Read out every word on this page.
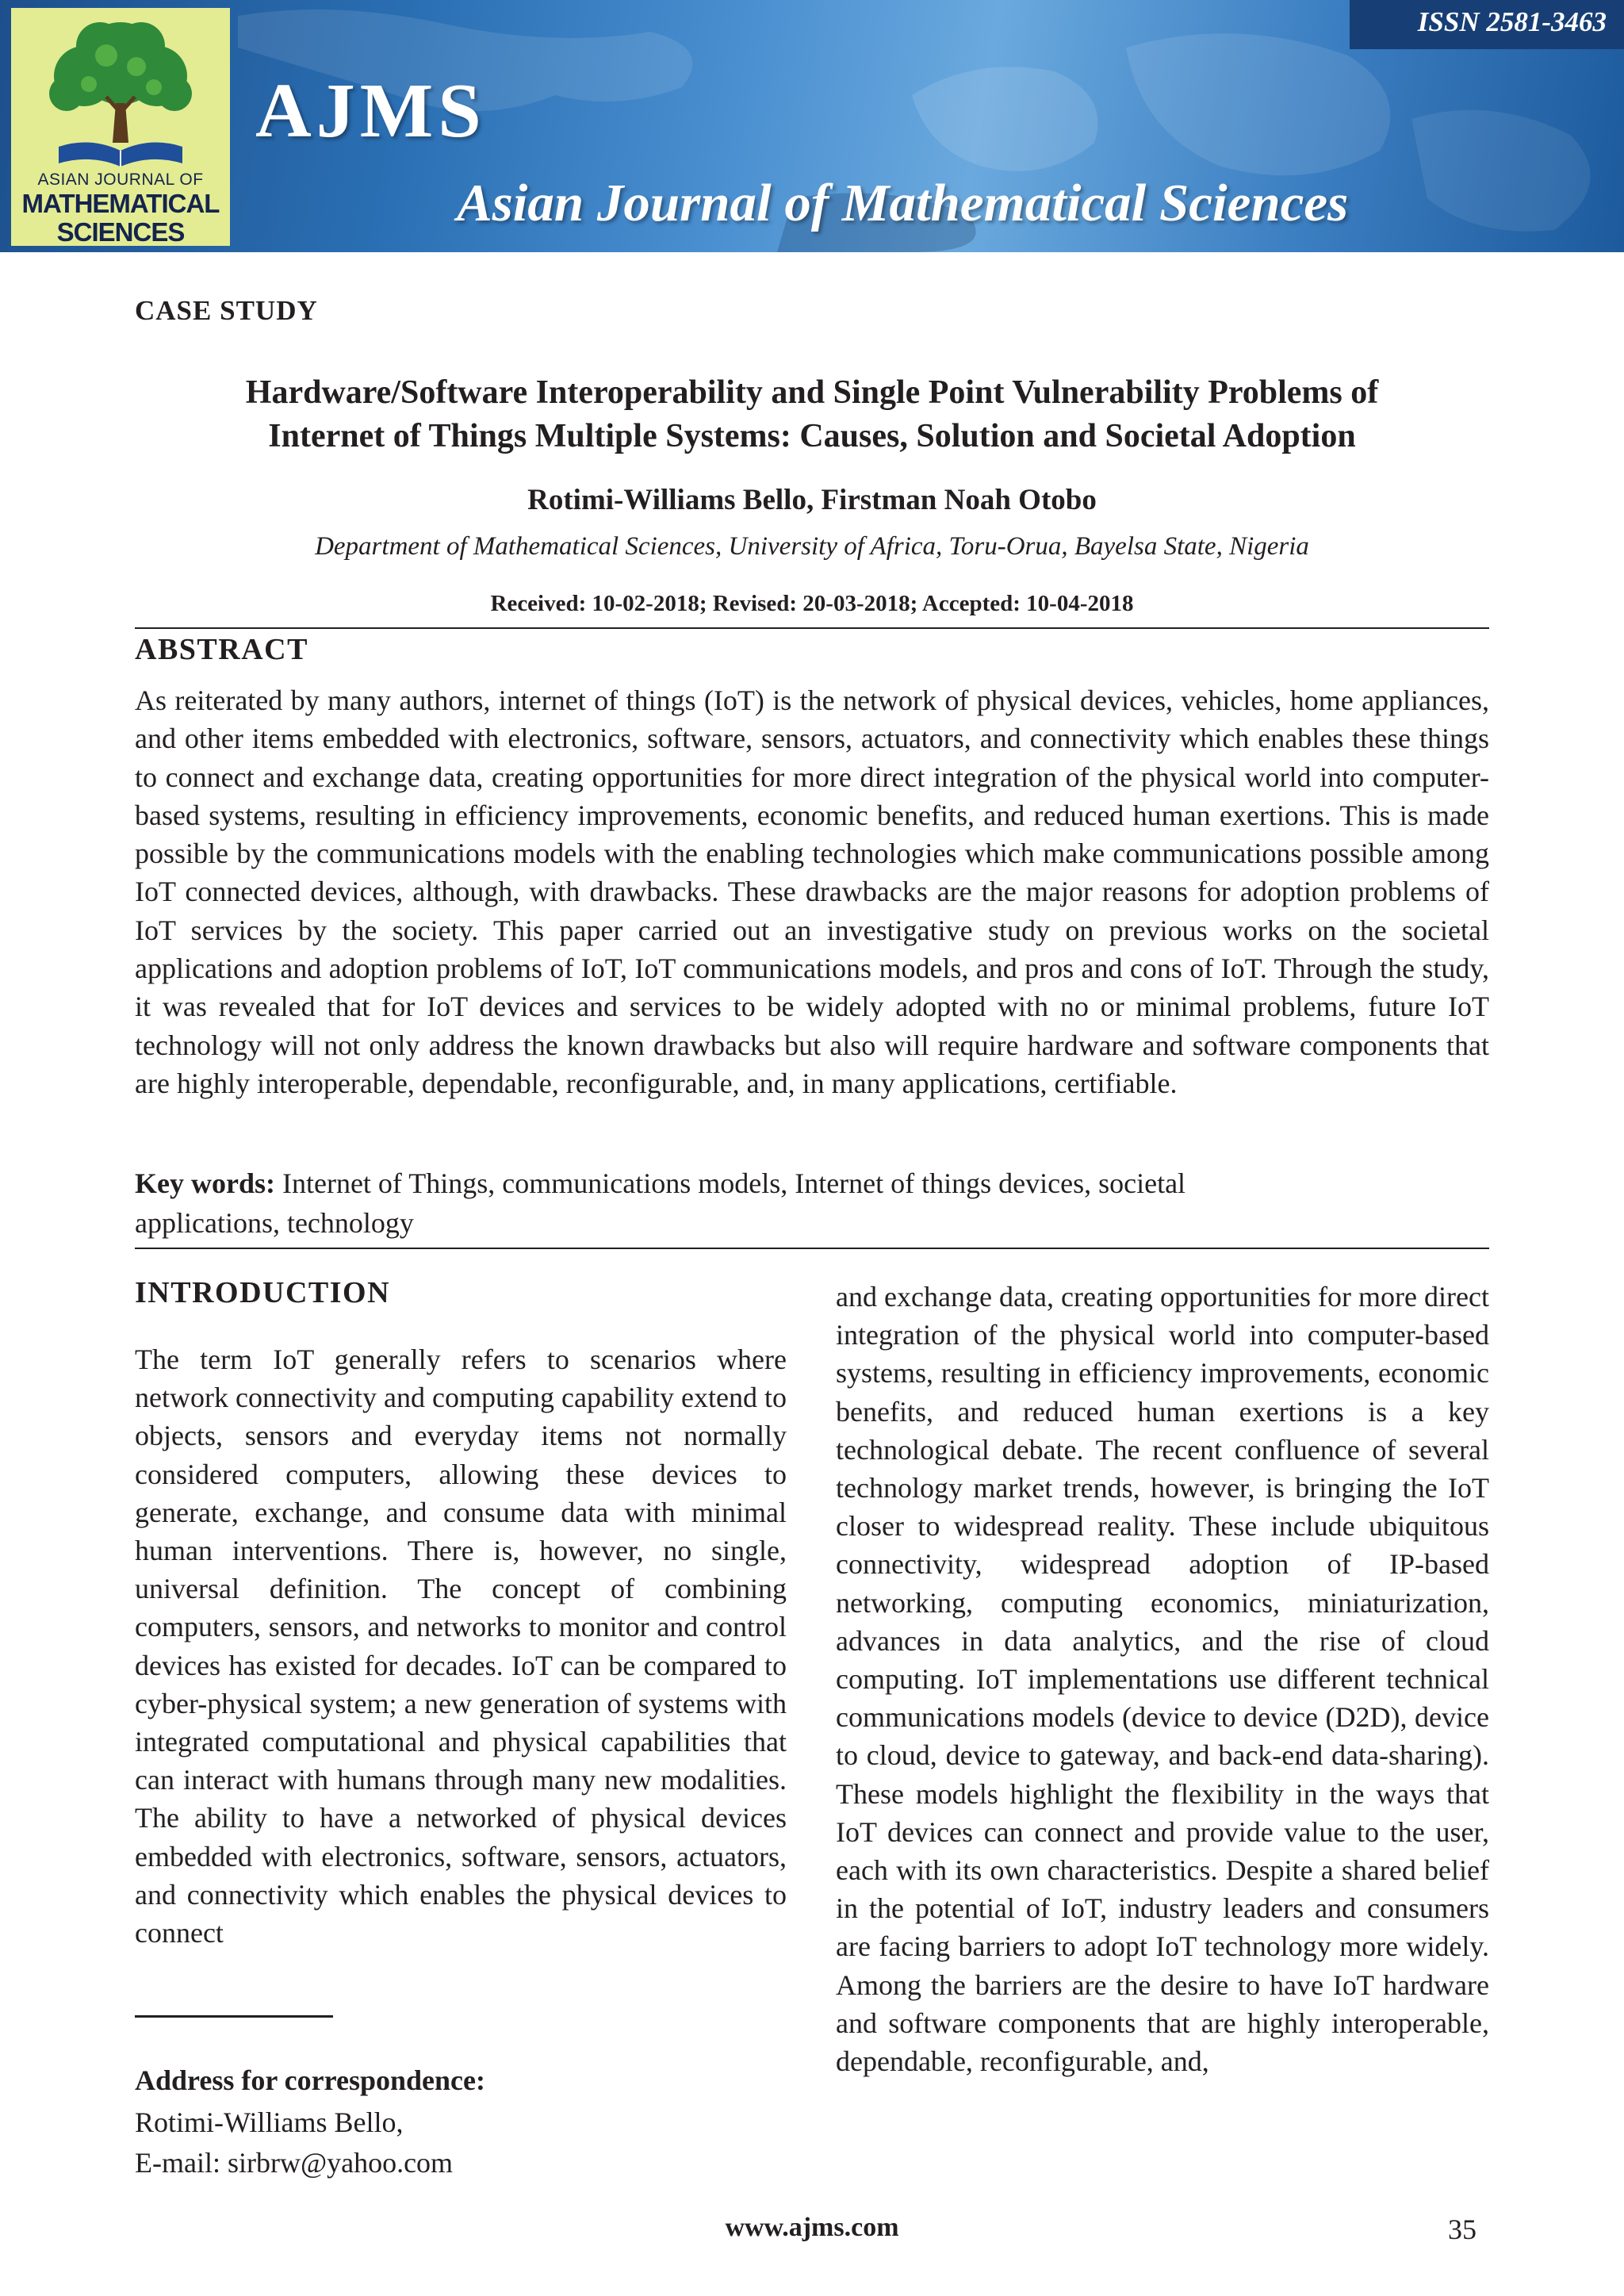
ASIAN JOURNAL OF
MATHEMATICAL
SCIENCES
ISSN 2581-3463
AJMS
Asian Journal of Mathematical Sciences
CASE STUDY
Hardware/Software Interoperability and Single Point Vulnerability Problems of
Internet of Things Multiple Systems: Causes, Solution and Societal Adoption
Rotimi-Williams Bello, Firstman Noah Otobo
Department of Mathematical Sciences, University of Africa, Toru-Orua, Bayelsa State, Nigeria
Received: 10-02-2018; Revised: 20-03-2018; Accepted: 10-04-2018
ABSTRACT

As reiterated by many authors, internet of things (IoT) is the network of physical devices, vehicles, home appliances, and other items embedded with electronics, software, sensors, actuators, and connectivity which enables these things to connect and exchange data, creating opportunities for more direct integration of the physical world into computer-based systems, resulting in efficiency improvements, economic benefits, and reduced human exertions. This is made possible by the communications models with the enabling technologies which make communications possible among IoT connected devices, although, with drawbacks. These drawbacks are the major reasons for adoption problems of IoT services by the society. This paper carried out an investigative study on previous works on the societal applications and adoption problems of IoT, IoT communications models, and pros and cons of IoT. Through the study, it was revealed that for IoT devices and services to be widely adopted with no or minimal problems, future IoT technology will not only address the known drawbacks but also will require hardware and software components that are highly interoperable, dependable, reconfigurable, and, in many applications, certifiable.

Key words: Internet of Things, communications models, Internet of things devices, societal
applications, technology

INTRODUCTION

The term IoT generally refers to scenarios where network connectivity and computing capability extend to objects, sensors and everyday items not normally considered computers, allowing these devices to generate, exchange, and consume data with minimal human interventions. There is, however, no single, universal definition. The concept of combining computers, sensors, and networks to monitor and control devices has existed for decades. IoT can be compared to cyber-physical system; a new generation of systems with integrated computational and physical capabilities that can interact with humans through many new modalities. The ability to have a networked of physical devices embedded with electronics, software, sensors, actuators, and connectivity which enables the physical devices to connect

and exchange data, creating opportunities for more direct integration of the physical world into computer-based systems, resulting in efficiency improvements, economic benefits, and reduced human exertions is a key technological debate. The recent confluence of several technology market trends, however, is bringing the IoT closer to widespread reality. These include ubiquitous connectivity, widespread adoption of IP-based networking, computing economics, miniaturization, advances in data analytics, and the rise of cloud computing. IoT implementations use different technical communications models (device to device (D2D), device to cloud, device to gateway, and back-end data-sharing). These models highlight the flexibility in the ways that IoT devices can connect and provide value to the user, each with its own characteristics. Despite a shared belief in the potential of IoT, industry leaders and consumers are facing barriers to adopt IoT technology more widely. Among the barriers are the desire to have IoT hardware and software components that are highly interoperable, dependable, reconfigurable, and,

Address for correspondence:
Rotimi-Williams Bello,
E-mail: sirbrw@yahoo.com
www.ajms.com	35
